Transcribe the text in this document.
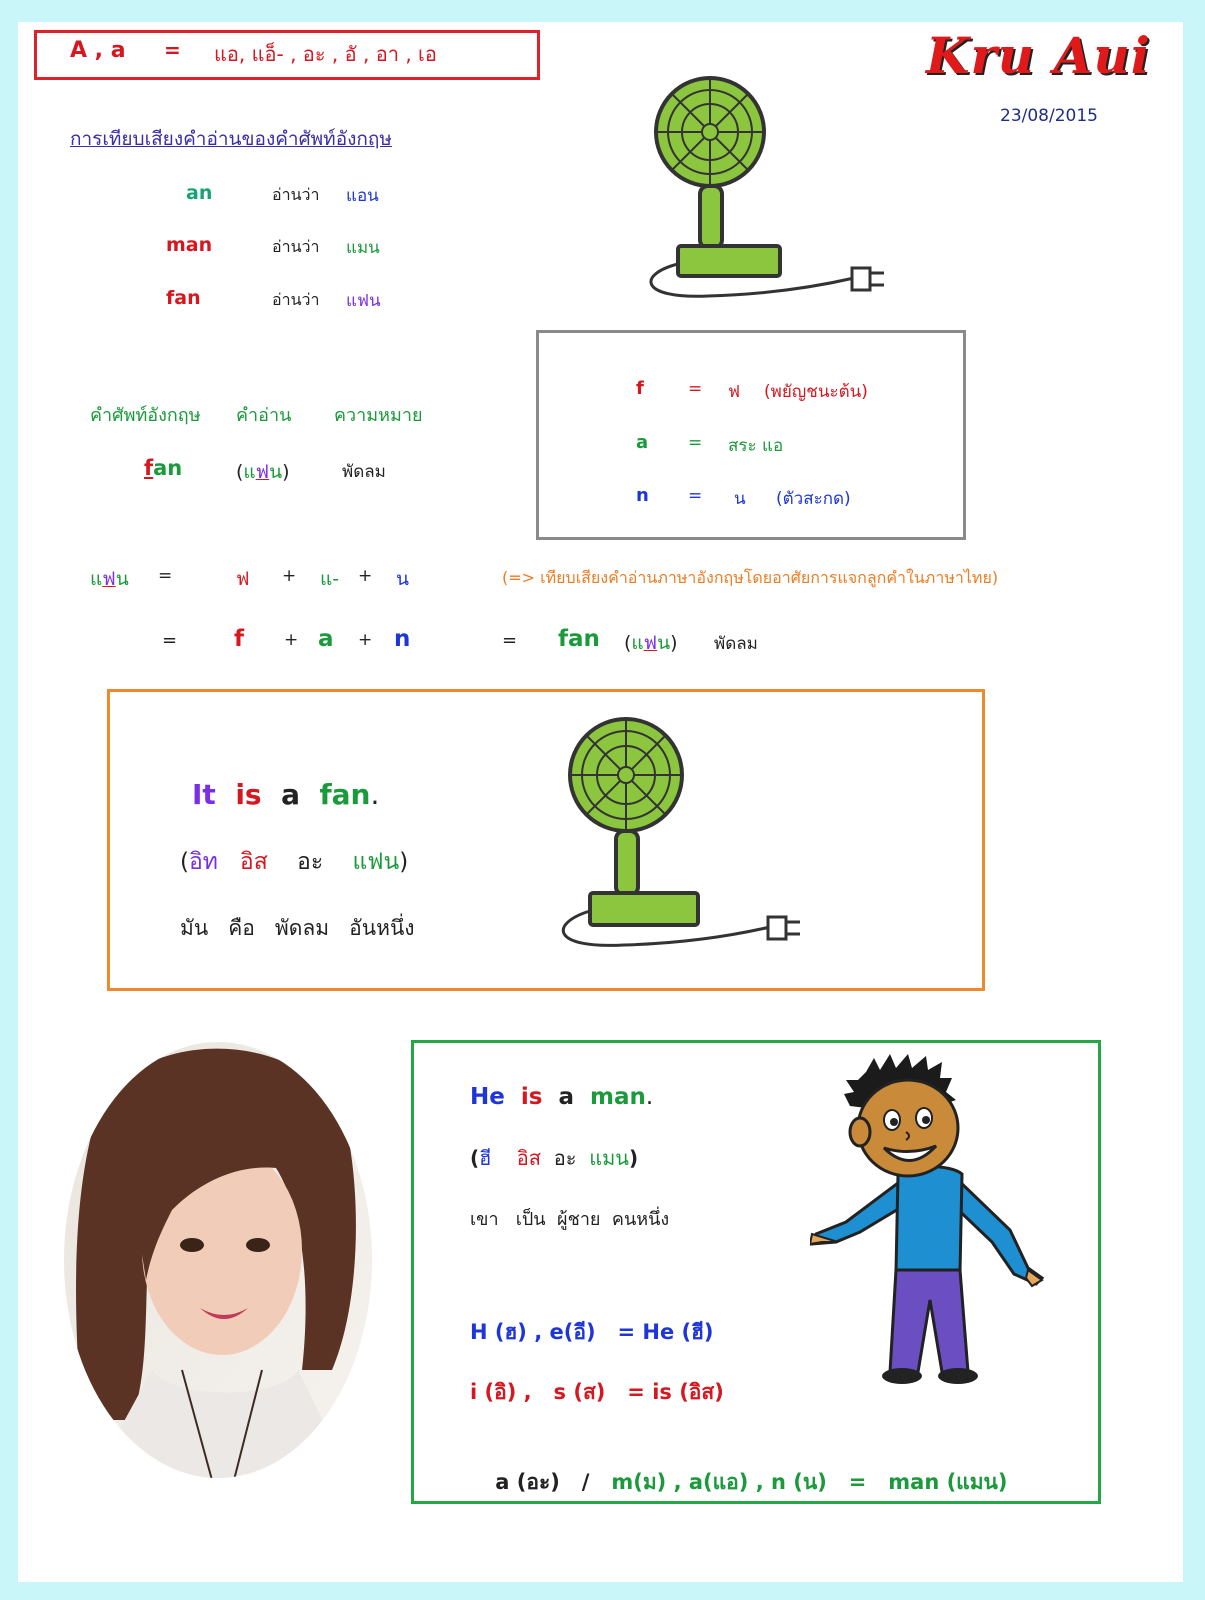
A , a = แอ, แอ็- , อะ , อั , อา , เอ	Kru Aui
23/08/2015
การเทียบเสียงคำอ่านของคำศัพท์อังกฤษ
an	อ่านว่า แอน
man	อ่านว่า แมน
fan	อ่านว่า แฟน
คำศัพท์อังกฤษ คำอ่าน ความหมาย
fan	(แฟน)	พัดลม
f	= ฟ (พยัญชนะต้น)
a = สระ แอ
n = น (ตัวสะกด)
แฟน =	ฟ + แ- + น	(=> เทียบเสียงคำอ่านภาษาอังกฤษโดยอาศัยการแจกลูกคำในภาษาไทย)
= f + a + n	= fan (แฟน) พัดลม
It is a fan.
(อิท อิส อะ แฟน)
มัน   คือ   พัดลม   อันหนึ่ง
He is a man.
(ฮี อิส อะ แมน)
เขา   เป็น  ผู้ชาย  คนหนึ่ง
H (ฮ) , e(อี)   = He (ฮี)
i (อิ) ,   s (ส)   = is (อิส)

a (อะ)   / m(ม) , a(แอ) , n (น)   =   man (แมน)
